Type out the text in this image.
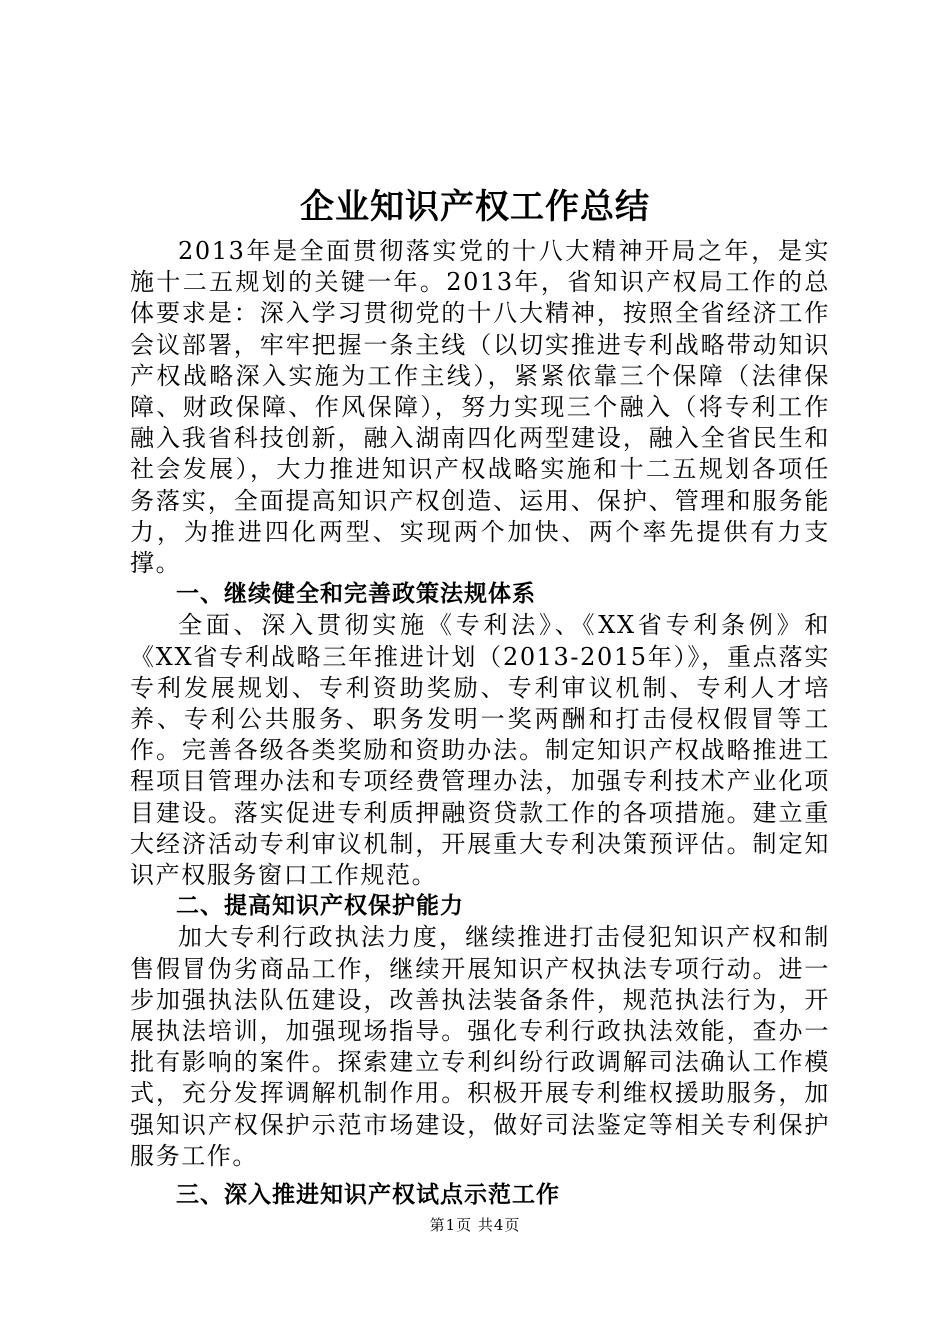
企业知识产权工作总结

2013年是全面贯彻落实党的十八大精神开局之年，是实施十二五规划的关键一年。2013年，省知识产权局工作的总体要求是：深入学习贯彻党的十八大精神，按照全省经济工作会议部署，牢牢把握一条主线（以切实推进专利战略带动知识产权战略深入实施为工作主线），紧紧依靠三个保障（法律保障、财政保障、作风保障），努力实现三个融入（将专利工作融入我省科技创新，融入湖南四化两型建设，融入全省民生和社会发展），大力推进知识产权战略实施和十二五规划各项任务落实，全面提高知识产权创造、运用、保护、管理和服务能力，为推进四化两型、实现两个加快、两个率先提供有力支撑。

一、继续健全和完善政策法规体系

全面、深入贯彻实施《专利法》、《XX省专利条例》和《XX省专利战略三年推进计划（2013-2015年）》，重点落实专利发展规划、专利资助奖励、专利审议机制、专利人才培养、专利公共服务、职务发明一奖两酬和打击侵权假冒等工作。完善各级各类奖励和资助办法。制定知识产权战略推进工程项目管理办法和专项经费管理办法，加强专利技术产业化项目建设。落实促进专利质押融资贷款工作的各项措施。建立重大经济活动专利审议机制，开展重大专利决策预评估。制定知识产权服务窗口工作规范。

二、提高知识产权保护能力

加大专利行政执法力度，继续推进打击侵犯知识产权和制售假冒伪劣商品工作，继续开展知识产权执法专项行动。进一步加强执法队伍建设，改善执法装备条件，规范执法行为，开展执法培训，加强现场指导。强化专利行政执法效能，查办一批有影响的案件。探索建立专利纠纷行政调解司法确认工作模式，充分发挥调解机制作用。积极开展专利维权援助服务，加强知识产权保护示范市场建设，做好司法鉴定等相关专利保护服务工作。

三、深入推进知识产权试点示范工作
第1页 共4页
